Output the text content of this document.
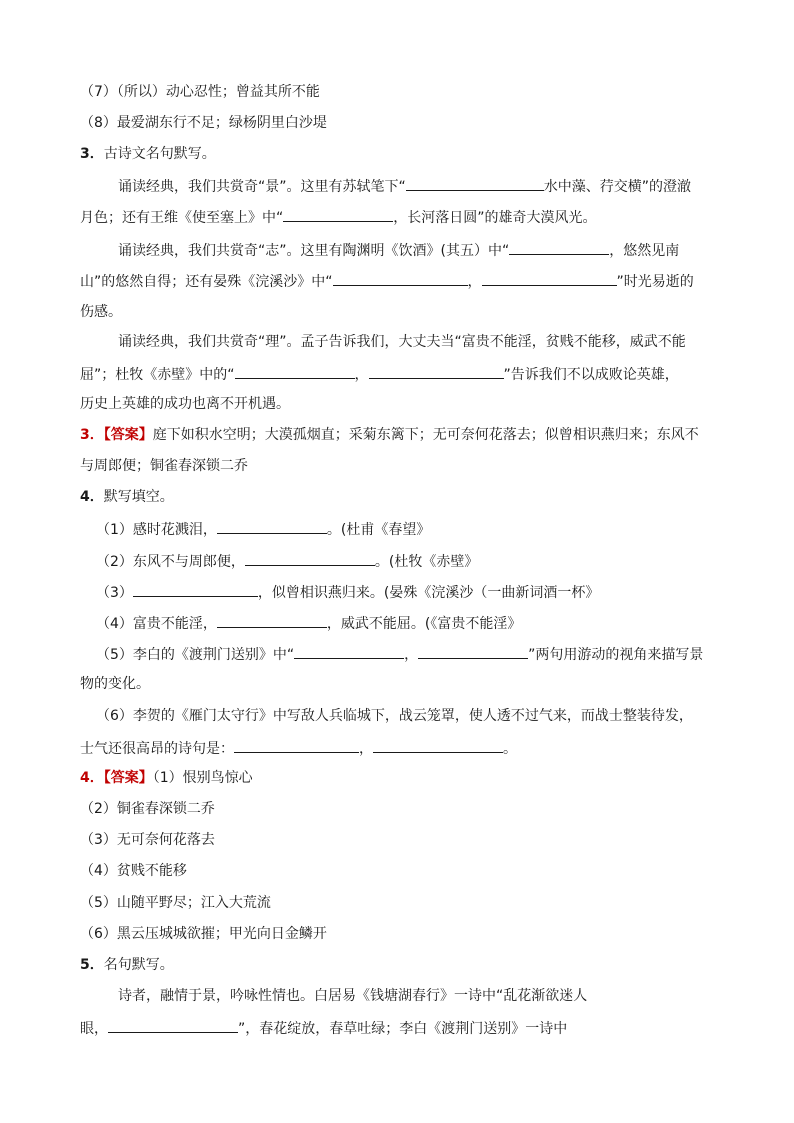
（7）（所以）动心忍性；曾益其所不能
（8）最爱湖东行不足；绿杨阴里白沙堤
3．古诗文名句默写。
诵读经典，我们共赏奇“景”。这里有苏轼笔下“	水中藻、荇交横”的澄澈
月色；还有王维《使至塞上》中“	，长河落日圆”的雄奇大漠风光。
诵读经典，我们共赏奇“志”。这里有陶渊明《饮酒》(其五）中“	，悠然见南
山”的悠然自得；还有晏殊《浣溪沙》中“	，	”时光易逝的
伤感。
诵读经典，我们共赏奇“理”。孟子告诉我们，大丈夫当“富贵不能淫，贫贱不能移，威武不能
屈”；杜牧《赤壁》中的“	，	”告诉我们不以成败论英雄，
历史上英雄的成功也离不开机遇。
3．【答案】庭下如积水空明；大漠孤烟直；采菊东篱下；无可奈何花落去；似曾相识燕归来；东风不
与周郎便；铜雀春深锁二乔
4．默写填空。
（1）感时花溅泪，	。(杜甫《春望》
（2）东风不与周郎便，	。(杜牧《赤壁》
（3）	，似曾相识燕归来。(晏殊《浣溪沙（一曲新词酒一杯》
（4）富贵不能淫，	，威武不能屈。(《富贵不能淫》
（5）李白的《渡荆门送别》中“	，	”两句用游动的视角来描写景
物的变化。
（6）李贺的《雁门太守行》中写敌人兵临城下，战云笼罩，使人透不过气来，而战士整装待发，
士气还很高昂的诗句是：	，	。
4．【答案】（1）恨别鸟惊心
（2）铜雀春深锁二乔
（3）无可奈何花落去
（4）贫贱不能移
（5）山随平野尽；江入大荒流
（6）黑云压城城欲摧；甲光向日金鳞开
5．名句默写。
诗者，融情于景，吟咏性情也。白居易《钱塘湖春行》一诗中“乱花渐欲迷人
眼，	”，春花绽放，春草吐绿；李白《渡荆门送别》一诗中
